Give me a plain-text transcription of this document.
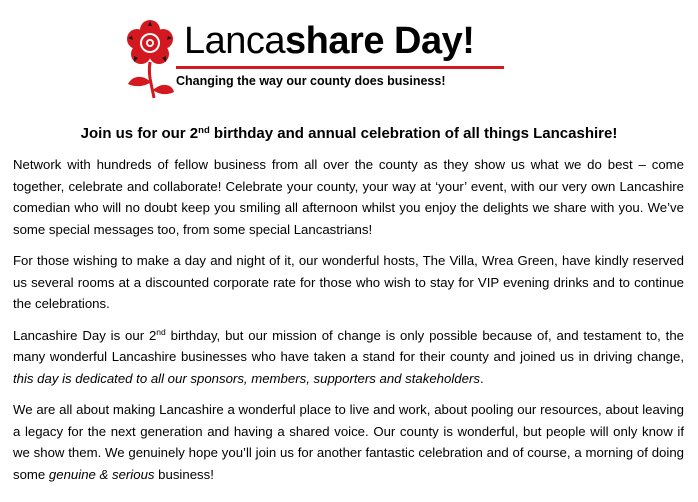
Lancashare Day!
Changing the way our county does business!
Join us for our 2nd birthday and annual celebration of all things Lancashire!

Network with hundreds of fellow business from all over the county as they show us what we do best – come together, celebrate and collaborate! Celebrate your county, your way at ‘your’ event, with our very own Lancashire comedian who will no doubt keep you smiling all afternoon whilst you enjoy the delights we share with you. We’ve some special messages too, from some special Lancastrians!

For those wishing to make a day and night of it, our wonderful hosts, The Villa, Wrea Green, have kindly reserved us several rooms at a discounted corporate rate for those who wish to stay for VIP evening drinks and to continue the celebrations.

Lancashire Day is our 2nd birthday, but our mission of change is only possible because of, and testament to, the many wonderful Lancashire businesses who have taken a stand for their county and joined us in driving change, this day is dedicated to all our sponsors, members, supporters and stakeholders.

We are all about making Lancashire a wonderful place to live and work, about pooling our resources, about leaving a legacy for the next generation and having a shared voice. Our county is wonderful, but people will only know if we show them. We genuinely hope you’ll join us for another fantastic celebration and of course, a morning of doing some genuine & serious business!
